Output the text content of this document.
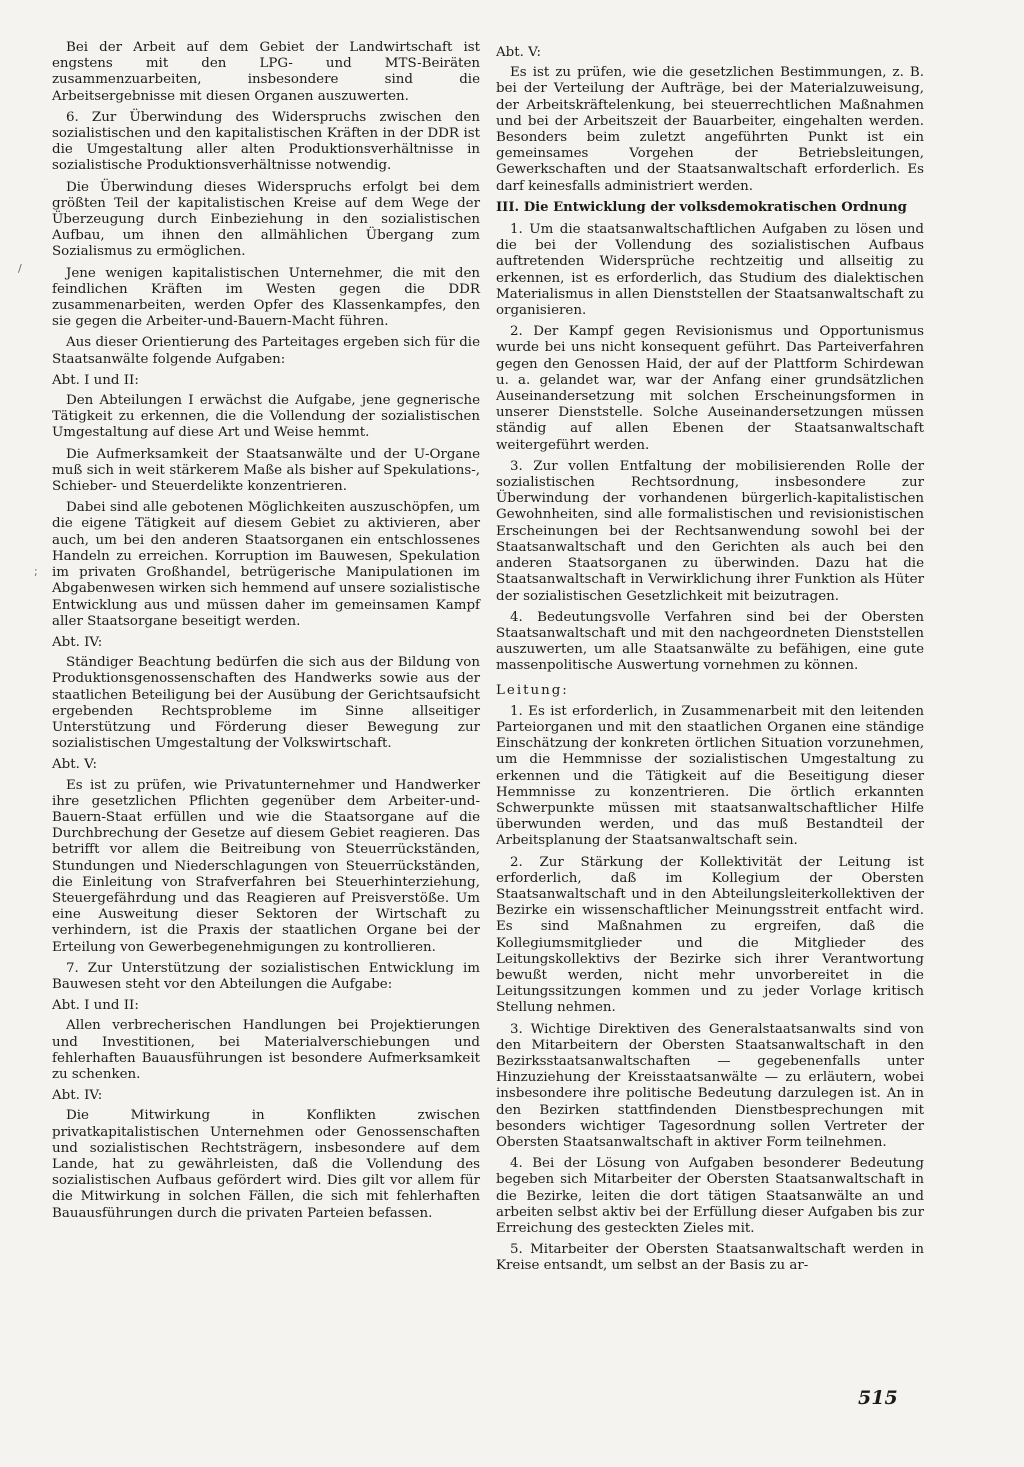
Bei der Arbeit auf dem Gebiet der Landwirtschaft ist engstens mit den LPG- und MTS-Beiräten zusammenzuarbeiten, insbesondere sind die Arbeitsergebnisse mit diesen Organen auszuwerten.

6. Zur Überwindung des Widerspruchs zwischen den sozialistischen und den kapitalistischen Kräften in der DDR ist die Umgestaltung aller alten Produktionsverhältnisse in sozialistische Produktionsverhältnisse notwendig.

Die Überwindung dieses Widerspruchs erfolgt bei dem größten Teil der kapitalistischen Kreise auf dem Wege der Überzeugung durch Einbeziehung in den sozialistischen Aufbau, um ihnen den allmählichen Übergang zum Sozialismus zu ermöglichen.

Jene wenigen kapitalistischen Unternehmer, die mit den feindlichen Kräften im Westen gegen die DDR zusammenarbeiten, werden Opfer des Klassenkampfes, den sie gegen die Arbeiter-und-Bauern-Macht führen.

Aus dieser Orientierung des Parteitages ergeben sich für die Staatsanwälte folgende Aufgaben:

Abt. I und II:

Den Abteilungen I erwächst die Aufgabe, jene gegnerische Tätigkeit zu erkennen, die die Vollendung der sozialistischen Umgestaltung auf diese Art und Weise hemmt.

Die Aufmerksamkeit der Staatsanwälte und der U-Organe muß sich in weit stärkerem Maße als bisher auf Spekulations-, Schieber- und Steuerdelikte konzentrieren.

Dabei sind alle gebotenen Möglichkeiten auszuschöpfen, um die eigene Tätigkeit auf diesem Gebiet zu aktivieren, aber auch, um bei den anderen Staatsorganen ein entschlossenes Handeln zu erreichen. Korruption im Bauwesen, Spekulation im privaten Großhandel, betrügerische Manipulationen im Abgabenwesen wirken sich hemmend auf unsere sozialistische Entwicklung aus und müssen daher im gemeinsamen Kampf aller Staatsorgane beseitigt werden.

Abt. IV:

Ständiger Beachtung bedürfen die sich aus der Bildung von Produktionsgenossenschaften des Handwerks sowie aus der staatlichen Beteiligung bei der Ausübung der Gerichtsaufsicht ergebenden Rechtsprobleme im Sinne allseitiger Unterstützung und Förderung dieser Bewegung zur sozialistischen Umgestaltung der Volkswirtschaft.

Abt. V:

Es ist zu prüfen, wie Privatunternehmer und Handwerker ihre gesetzlichen Pflichten gegenüber dem Arbeiter-und-Bauern-Staat erfüllen und wie die Staatsorgane auf die Durchbrechung der Gesetze auf diesem Gebiet reagieren. Das betrifft vor allem die Beitreibung von Steuerrückständen, Stundungen und Niederschlagungen von Steuerrückständen, die Einleitung von Strafverfahren bei Steuerhinterziehung, Steuergefährdung und das Reagieren auf Preisverstöße. Um eine Ausweitung dieser Sektoren der Wirtschaft zu verhindern, ist die Praxis der staatlichen Organe bei der Erteilung von Gewerbegenehmigungen zu kontrollieren.

7. Zur Unterstützung der sozialistischen Entwicklung im Bauwesen steht vor den Abteilungen die Aufgabe:

Abt. I und II:

Allen verbrecherischen Handlungen bei Projektierungen und Investitionen, bei Materialverschiebungen und fehlerhaften Bauausführungen ist besondere Aufmerksamkeit zu schenken.

Abt. IV:

Die Mitwirkung in Konflikten zwischen privatkapitalistischen Unternehmen oder Genossenschaften und sozialistischen Rechtsträgern, insbesondere auf dem Lande, hat zu gewährleisten, daß die Vollendung des sozialistischen Aufbaus gefördert wird. Dies gilt vor allem für die Mitwirkung in solchen Fällen, die sich mit fehlerhaften Bauausführungen durch die privaten Parteien befassen.

Abt. V:

Es ist zu prüfen, wie die gesetzlichen Bestimmungen, z. B. bei der Verteilung der Aufträge, bei der Materialzuweisung, der Arbeitskräftelenkung, bei steuerrechtlichen Maßnahmen und bei der Arbeitszeit der Bauarbeiter, eingehalten werden. Besonders beim zuletzt angeführten Punkt ist ein gemeinsames Vorgehen der Betriebsleitungen, Gewerkschaften und der Staatsanwaltschaft erforderlich. Es darf keinesfalls administriert werden.

III. Die Entwicklung der volksdemokratischen Ordnung

1. Um die staatsanwaltschaftlichen Aufgaben zu lösen und die bei der Vollendung des sozialistischen Aufbaus auftretenden Widersprüche rechtzeitig und allseitig zu erkennen, ist es erforderlich, das Studium des dialektischen Materialismus in allen Dienststellen der Staatsanwaltschaft zu organisieren.

2. Der Kampf gegen Revisionismus und Opportunismus wurde bei uns nicht konsequent geführt. Das Parteiverfahren gegen den Genossen Haid, der auf der Plattform Schirdewan u. a. gelandet war, war der Anfang einer grundsätzlichen Auseinandersetzung mit solchen Erscheinungsformen in unserer Dienststelle. Solche Auseinandersetzungen müssen ständig auf allen Ebenen der Staatsanwaltschaft weitergeführt werden.

3. Zur vollen Entfaltung der mobilisierenden Rolle der sozialistischen Rechtsordnung, insbesondere zur Überwindung der vorhandenen bürgerlich-kapitalistischen Gewohnheiten, sind alle formalistischen und revisionistischen Erscheinungen bei der Rechtsanwendung sowohl bei der Staatsanwaltschaft und den Gerichten als auch bei den anderen Staatsorganen zu überwinden. Dazu hat die Staatsanwaltschaft in Verwirklichung ihrer Funktion als Hüter der sozialistischen Gesetzlichkeit mit beizutragen.

4. Bedeutungsvolle Verfahren sind bei der Obersten Staatsanwaltschaft und mit den nachgeordneten Dienststellen auszuwerten, um alle Staatsanwälte zu befähigen, eine gute massenpolitische Auswertung vornehmen zu können.

Leitung:

1. Es ist erforderlich, in Zusammenarbeit mit den leitenden Parteiorganen und mit den staatlichen Organen eine ständige Einschätzung der konkreten örtlichen Situation vorzunehmen, um die Hemmnisse der sozialistischen Umgestaltung zu erkennen und die Tätigkeit auf die Beseitigung dieser Hemmnisse zu konzentrieren. Die örtlich erkannten Schwerpunkte müssen mit staatsanwaltschaftlicher Hilfe überwunden werden, und das muß Bestandteil der Arbeitsplanung der Staatsanwaltschaft sein.

2. Zur Stärkung der Kollektivität der Leitung ist erforderlich, daß im Kollegium der Obersten Staatsanwaltschaft und in den Abteilungsleiterkollektiven der Bezirke ein wissenschaftlicher Meinungsstreit entfacht wird. Es sind Maßnahmen zu ergreifen, daß die Kollegiumsmitglieder und die Mitglieder des Leitungskollektivs der Bezirke sich ihrer Verantwortung bewußt werden, nicht mehr unvorbereitet in die Leitungssitzungen kommen und zu jeder Vorlage kritisch Stellung nehmen.

3. Wichtige Direktiven des Generalstaatsanwalts sind von den Mitarbeitern der Obersten Staatsanwaltschaft in den Bezirksstaatsanwaltschaften — gegebenenfalls unter Hinzuziehung der Kreisstaatsanwälte — zu erläutern, wobei insbesondere ihre politische Bedeutung darzulegen ist. An in den Bezirken stattfindenden Dienstbesprechungen mit besonders wichtiger Tagesordnung sollen Vertreter der Obersten Staatsanwaltschaft in aktiver Form teilnehmen.

4. Bei der Lösung von Aufgaben besonderer Bedeutung begeben sich Mitarbeiter der Obersten Staatsanwaltschaft in die Bezirke, leiten die dort tätigen Staatsanwälte an und arbeiten selbst aktiv bei der Erfüllung dieser Aufgaben bis zur Erreichung des gesteckten Zieles mit.

5. Mitarbeiter der Obersten Staatsanwaltschaft werden in Kreise entsandt, um selbst an der Basis zu ar-

515
/
;
